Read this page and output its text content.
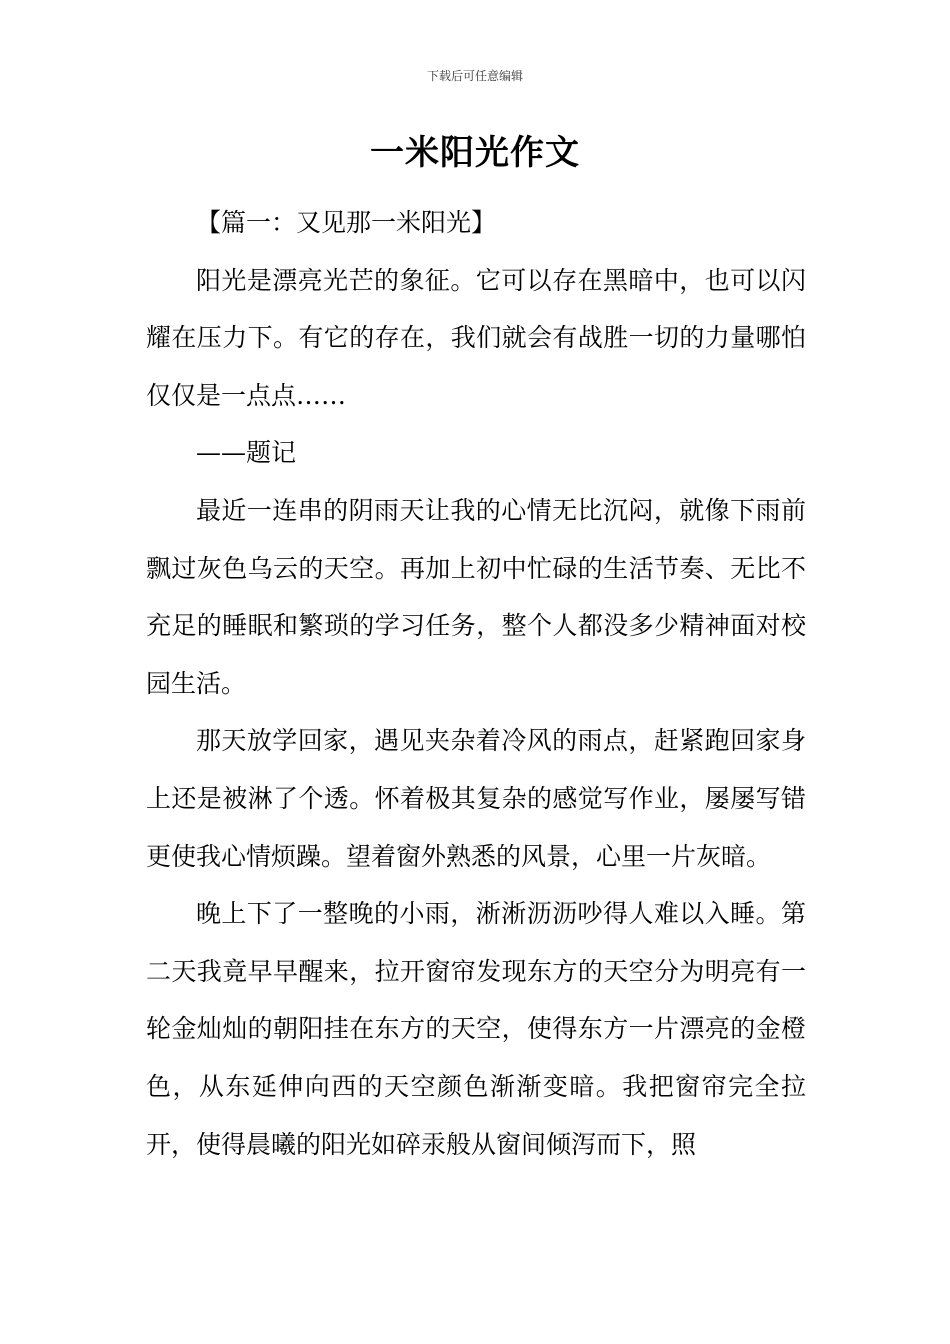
下载后可任意编辑
一米阳光作文

【篇一：又见那一米阳光】

阳光是漂亮光芒的象征。它可以存在黑暗中，也可以闪耀在压力下。有它的存在，我们就会有战胜一切的力量哪怕仅仅是一点点……

——题记

最近一连串的阴雨天让我的心情无比沉闷，就像下雨前飘过灰色乌云的天空。再加上初中忙碌的生活节奏、无比不充足的睡眠和繁琐的学习任务，整个人都没多少精神面对校园生活。

那天放学回家，遇见夹杂着冷风的雨点，赶紧跑回家身上还是被淋了个透。怀着极其复杂的感觉写作业，屡屡写错更使我心情烦躁。望着窗外熟悉的风景，心里一片灰暗。

晚上下了一整晚的小雨，淅淅沥沥吵得人难以入睡。第二天我竟早早醒来，拉开窗帘发现东方的天空分为明亮有一轮金灿灿的朝阳挂在东方的天空，使得东方一片漂亮的金橙色，从东延伸向西的天空颜色渐渐变暗。我把窗帘完全拉开，使得晨曦的阳光如碎汞般从窗间倾泻而下，照
